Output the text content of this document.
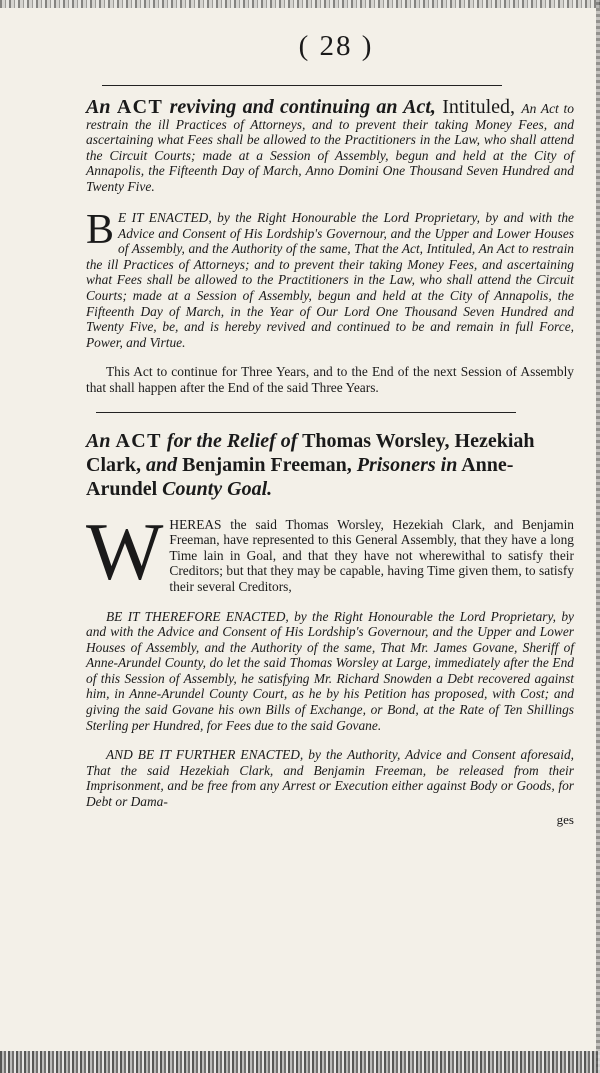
( 28 )
An ACT reviving and continuing an Act, Intituled, An Act to restrain the ill Practices of Attorneys, and to prevent their taking Money Fees, and ascertaining what Fees shall be allowed to the Practitioners in the Law, who shall attend the Circuit Courts; made at a Session of Assembly, begun and held at the City of Annapolis, the Fifteenth Day of March, Anno Domini One Thousand Seven Hundred and Twenty Five.

B E IT ENACTED, by the Right Honourable the Lord Proprietary, by and with the Advice and Consent of His Lordship's Governour, and the Upper and Lower Houses of Assembly, and the Authority of the same, That the Act, Intituled, An Act to restrain the ill Practices of Attorneys; and to prevent their taking Money Fees, and ascertaining what Fees shall be allowed to the Practitioners in the Law, who shall attend the Circuit Courts; made at a Session of Assembly, begun and held at the City of Annapolis, the Fifteenth Day of March, in the Year of Our Lord One Thousand Seven Hundred and Twenty Five, be, and is hereby revived and continued to be and remain in full Force, Power, and Virtue.

This Act to continue for Three Years, and to the End of the next Session of Assembly that shall happen after the End of the said Three Years.

An ACT for the Relief of Thomas Worsley, Hezekiah Clark, and Benjamin Freeman, Prisoners in Anne-Arundel County Goal.

WHEREAS the said Thomas Worsley, Hezekiah Clark, and Benjamin Freeman, have represented to this General Assembly, that they have a long Time lain in Goal, and that they have not wherewithal to satisfy their Creditors; but that they may be capable, having Time given them, to satisfy their several Creditors,

BE IT THEREFORE ENACTED, by the Right Honourable the Lord Proprietary, by and with the Advice and Consent of His Lordship's Governour, and the Upper and Lower Houses of Assembly, and the Authority of the same, That Mr. James Govane, Sheriff of Anne-Arundel County, do let the said Thomas Worsley at Large, immediately after the End of this Session of Assembly, he satisfying Mr. Richard Snowden a Debt recovered against him, in Anne-Arundel County Court, as he by his Petition has proposed, with Cost; and giving the said Govane his own Bills of Exchange, or Bond, at the Rate of Ten Shillings Sterling per Hundred, for Fees due to the said Govane.

AND BE IT FURTHER ENACTED, by the Authority, Advice and Consent aforesaid, That the said Hezekiah Clark, and Benjamin Freeman, be released from their Imprisonment, and be free from any Arrest or Execution either against Body or Goods, for Debt or Dama-

ges
